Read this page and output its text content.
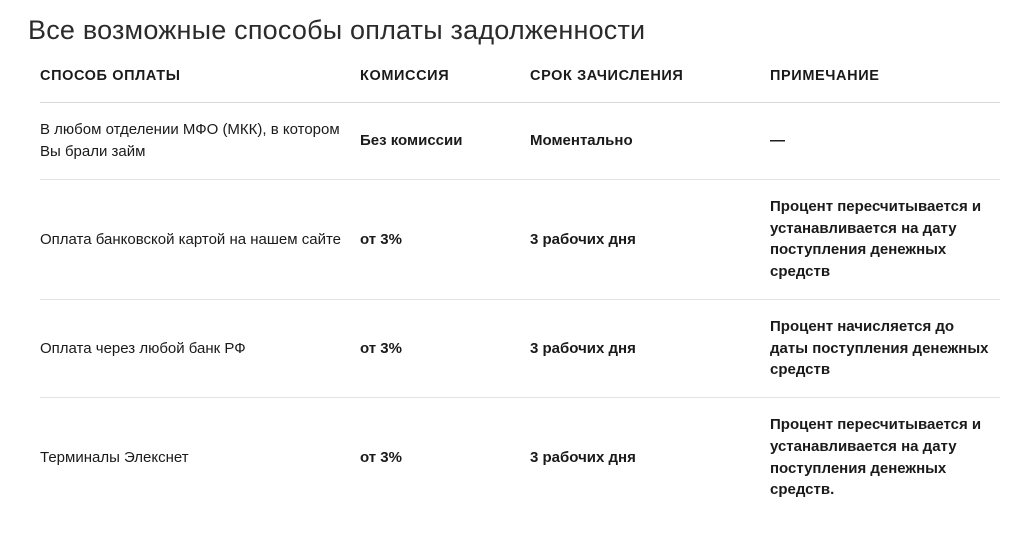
Все возможные способы оплаты задолженности
СПОСОБ ОПЛАТЫ	КОМИССИЯ	СРОК ЗАЧИСЛЕНИЯ	ПРИМЕЧАНИЕ
В любом отделении МФО (МКК), в котором Вы брали займ	Без комиссии	Моментально	—
Оплата банковской картой на нашем сайте	от 3%	3 рабочих дня	Процент пересчитывается и устанавливается на дату поступления денежных средств
Оплата через любой банк РФ	от 3%	3 рабочих дня	Процент начисляется до даты поступления денежных средств
Терминалы Элекснет	от 3%	3 рабочих дня	Процент пересчитывается и устанавливается на дату поступления денежных средств.
